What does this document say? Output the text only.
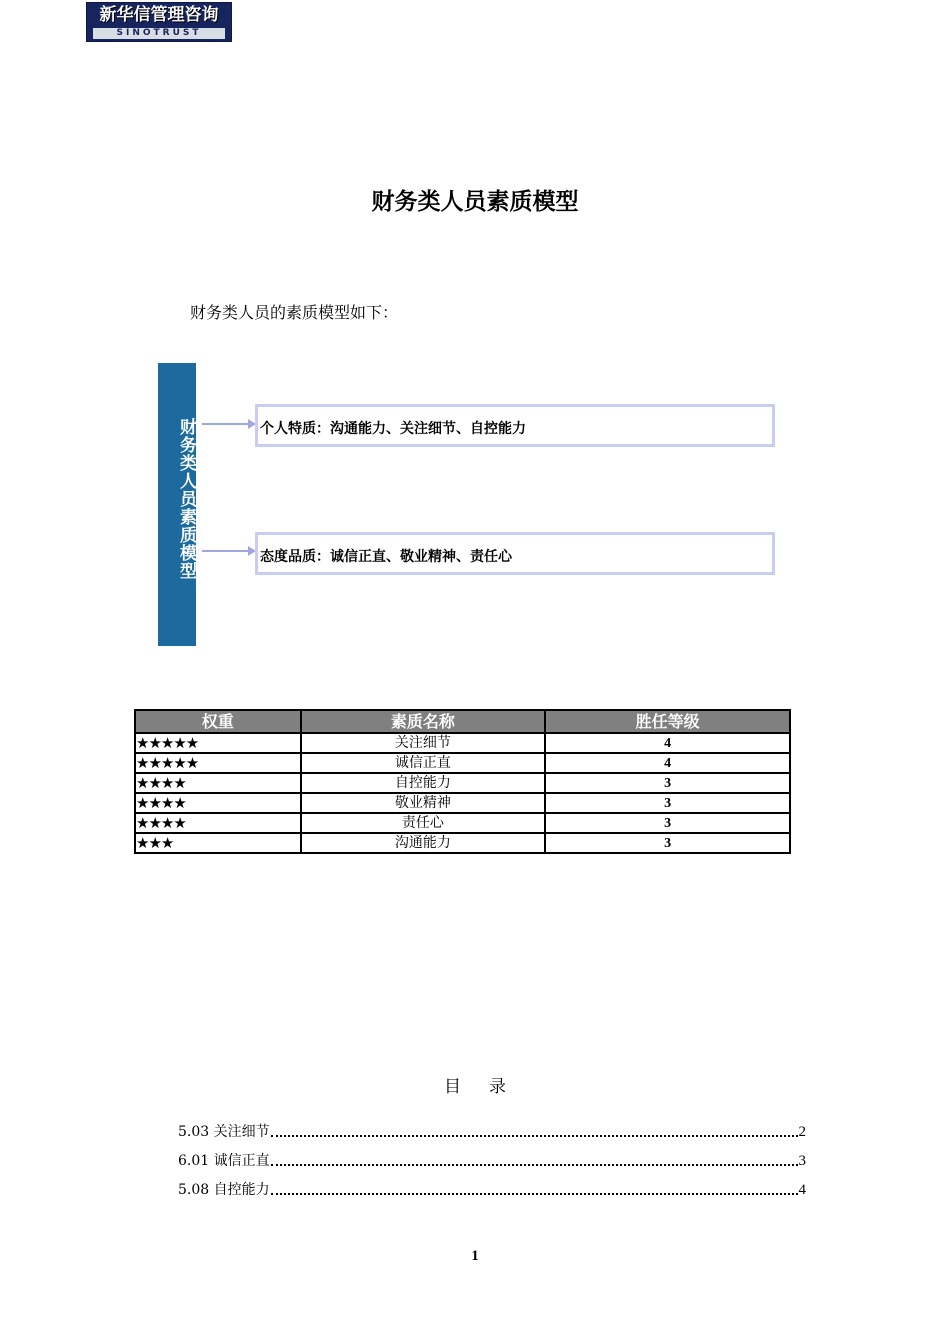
新华信管理咨询
SINOTRUST
财务类人员素质模型
财务类人员的素质模型如下：
财务类人员素质模型	个人特质：沟通能力、关注细节、自控能力
态度品质：诚信正直、敬业精神、责任心
权重	素质名称	胜任等级
★★★★★	关注细节	4
★★★★★	诚信正直	4
★★★★	自控能力	3
★★★★	敬业精神	3
★★★★	责任心	3
★★★	沟通能力	3
目录
5.03 关注细节	2
6.01 诚信正直	3
5.08 自控能力	4
1
